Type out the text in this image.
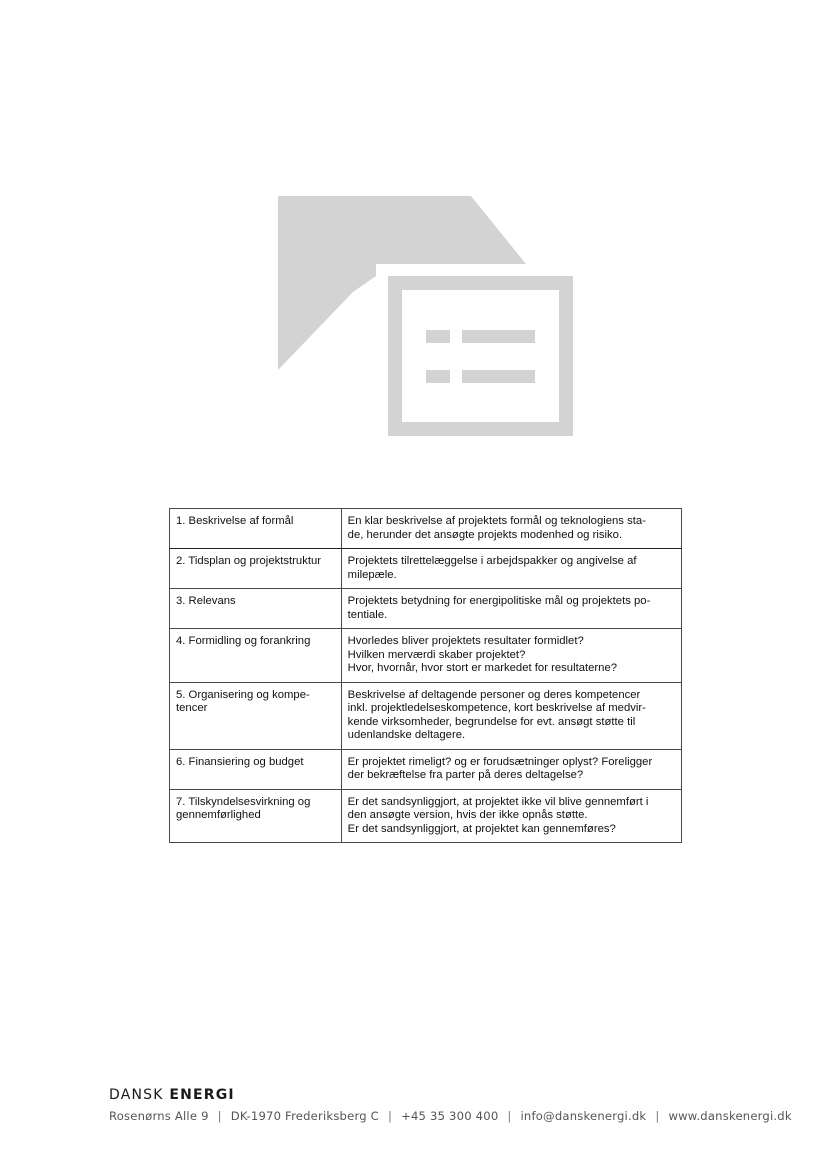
1. Beskrivelse af formål	En klar beskrivelse af projektets formål og teknologiens sta-
de, herunder det ansøgte projekts modenhed og risiko.

2. Tidsplan og projektstruktur	Projektets tilrettelæggelse i arbejdspakker og angivelse af
milepæle.

3. Relevans	Projektets betydning for energipolitiske mål og projektets po-
tentiale.

4. Formidling og forankring	Hvorledes bliver projektets resultater formidlet?
Hvilken merværdi skaber projektet?
Hvor, hvornår, hvor stort er markedet for resultaterne?

5. Organisering og kompe-
tencer	Beskrivelse af deltagende personer og deres kompetencer
inkl. projektledelseskompetence, kort beskrivelse af medvir-
kende virksomheder, begrundelse for evt. ansøgt støtte til
udenlandske deltagere.

6. Finansiering og budget	Er projektet rimeligt? og er forudsætninger oplyst? Foreligger
der bekræftelse fra parter på deres deltagelse?

7. Tilskyndelsesvirkning og
gennemførlighed	Er det sandsynliggjort, at projektet ikke vil blive gennemført i
den ansøgte version, hvis der ikke opnås støtte.
Er det sandsynliggjort, at projektet kan gennemføres?
DANSK ENERGI
Rosenørns Alle 9 | DK-1970 Frederiksberg C | +45 35 300 400 | info@danskenergi.dk | www.danskenergi.dk
